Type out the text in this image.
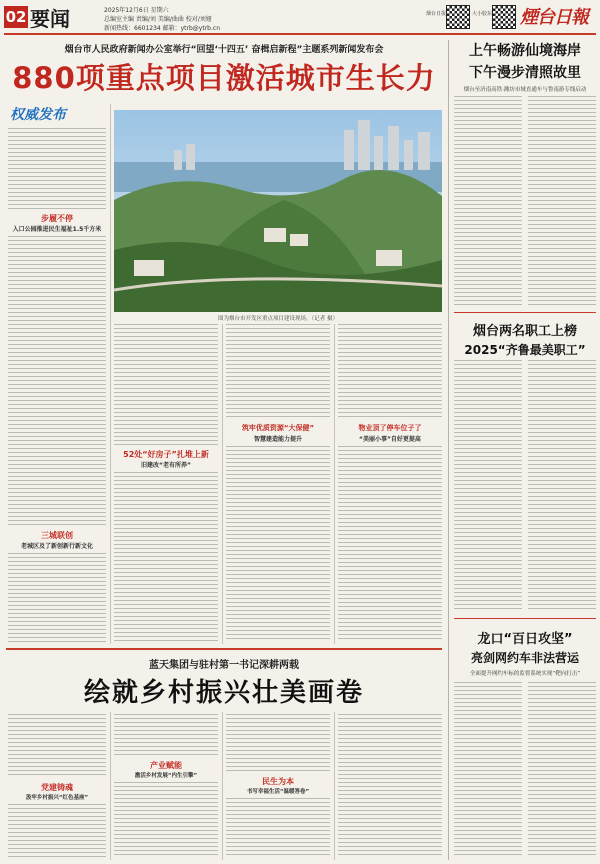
02 要闻	2025年12月6日 星期六
总编室主编 责编/刘 美编/曲曲 校对/刘娅
新闻热线：6601234 邮箱：ytrb@ytrb.cn
烟台日报	大小胶东 煙台日報
烟台市人民政府新闻办公室举行“回望‘十四五’ 奋楫启新程”主题系列新闻发布会
880项重点项目激活城市生长力
权威发布
步履不停
入口公园推进民生福祉1.5千方米
三城联创
老城区及了新创新行新文化
图为烟台市开发区重点项目建设现场。（记者 摄）
52处“好房子”扎堆上新
旧建改“老有所养”
筑牢优质资源“大保健”
智慧建造能力提升
物业顶了停车位子了
“美丽小事”自好更提高
上午畅游仙境海岸
下午漫步清照故里
烟台至济南高铁·潍坊市域直通车与鲁南游专线启动
烟台两名职工上榜
2025“齐鲁最美职工”
龙口“百日攻坚”
亮剑网约车非法营运
全面提升网约车标的监督系统实现“靶向打击”
蓝天集团与驻村第一书记深耕两载
绘就乡村振兴壮美画卷
党建铸魂
汲牢乡村振兴“红色基座”
产业赋能
激活乡村发展“内生引擎”
民生为本
书写幸福生活“温暖答卷”
